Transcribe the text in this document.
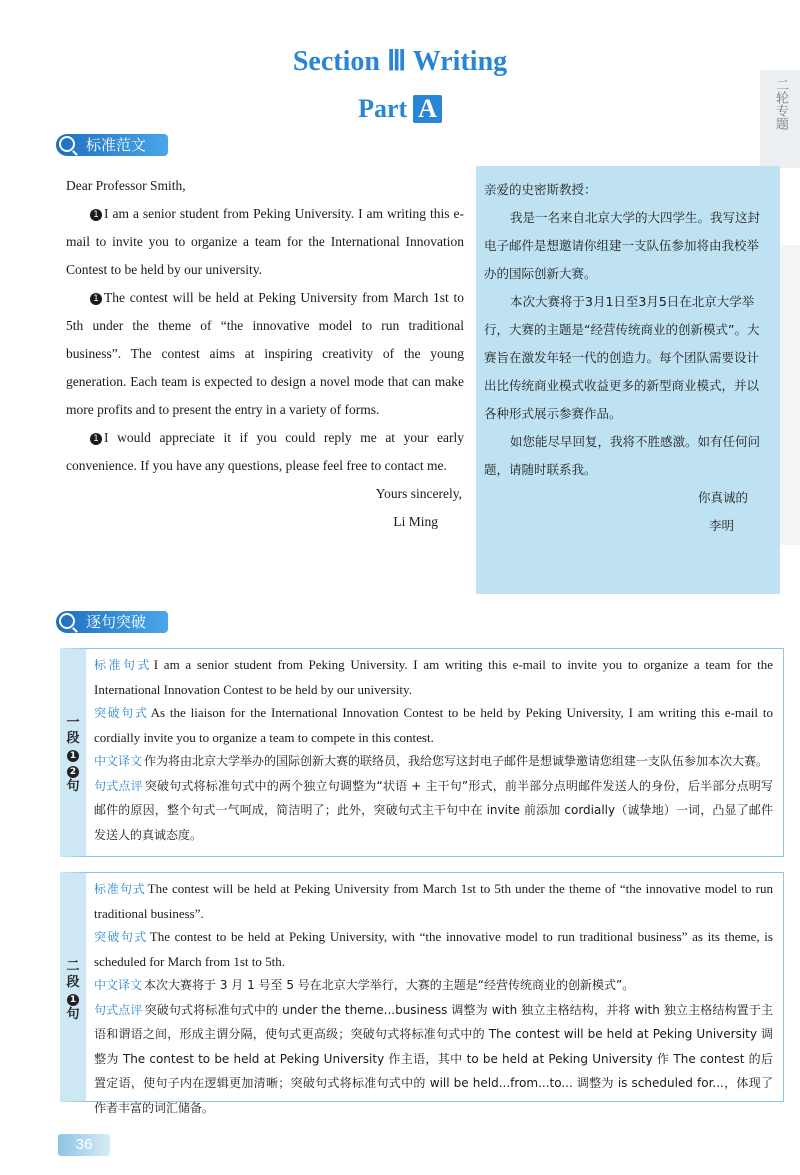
Section Ⅲ Writing
Part A	二轮专题
标准范文

Dear Professor Smith,

1 I am a senior student from Peking University. I am writing this e-mail to invite you to organize a team for the International Innovation Contest to be held by our university.

1 The contest will be held at Peking University from March 1st to 5th under the theme of “the innovative model to run traditional business”. The contest aims at inspiring creativity of the young generation. Each team is expected to design a novel mode that can make more profits and to present the entry in a variety of forms.

1 I would appreciate it if you could reply me at your early convenience. If you have any questions, please feel free to contact me.

Yours sincerely,

Li Ming

亲爱的史密斯教授：

我是一名来自北京大学的大四学生。我写这封电子邮件是想邀请你组建一支队伍参加将由我校举办的国际创新大赛。

本次大赛将于3月1日至3月5日在北京大学举行，大赛的主题是“经营传统商业的创新模式”。大赛旨在激发年轻一代的创造力。每个团队需要设计出比传统商业模式收益更多的新型商业模式，并以各种形式展示参赛作品。

如您能尽早回复，我将不胜感激。如有任何问题，请随时联系我。

你真诚的

李明

逐句突破
一
段
1
2
句
标准句式 I am a senior student from Peking University. I am writing this e-mail to invite you to organize a team for the International Innovation Contest to be held by our university.
突破句式 As the liaison for the International Innovation Contest to be held by Peking University, I am writing this e-mail to cordially invite you to organize a team to compete in this contest.
中文译文 作为将由北京大学举办的国际创新大赛的联络员，我给您写这封电子邮件是想诚挚邀请您组建一支队伍参加本次大赛。
句式点评 突破句式将标准句式中的两个独立句调整为“状语 + 主干句”形式，前半部分点明邮件发送人的身份，后半部分点明写邮件的原因，整个句式一气呵成，简洁明了；此外，突破句式主干句中在 invite 前添加 cordially（诚挚地）一词，凸显了邮件发送人的真诚态度。
二
段
1
句
标准句式 The contest will be held at Peking University from March 1st to 5th under the theme of “the innovative model to run traditional business”.
突破句式 The contest to be held at Peking University, with “the innovative model to run traditional business” as its theme, is scheduled for March from 1st to 5th.
中文译文 本次大赛将于 3 月 1 号至 5 号在北京大学举行，大赛的主题是“经营传统商业的创新模式”。
句式点评 突破句式将标准句式中的 under the theme...business 调整为 with 独立主格结构，并将 with 独立主格结构置于主语和谓语之间，形成主谓分隔，使句式更高级；突破句式将标准句式中的 The contest will be held at Peking University 调整为 The contest to be held at Peking University 作主语，其中 to be held at Peking University 作 The contest 的后置定语，使句子内在逻辑更加清晰；突破句式将标准句式中的 will be held...from...to... 调整为 is scheduled for...，体现了作者丰富的词汇储备。
36
